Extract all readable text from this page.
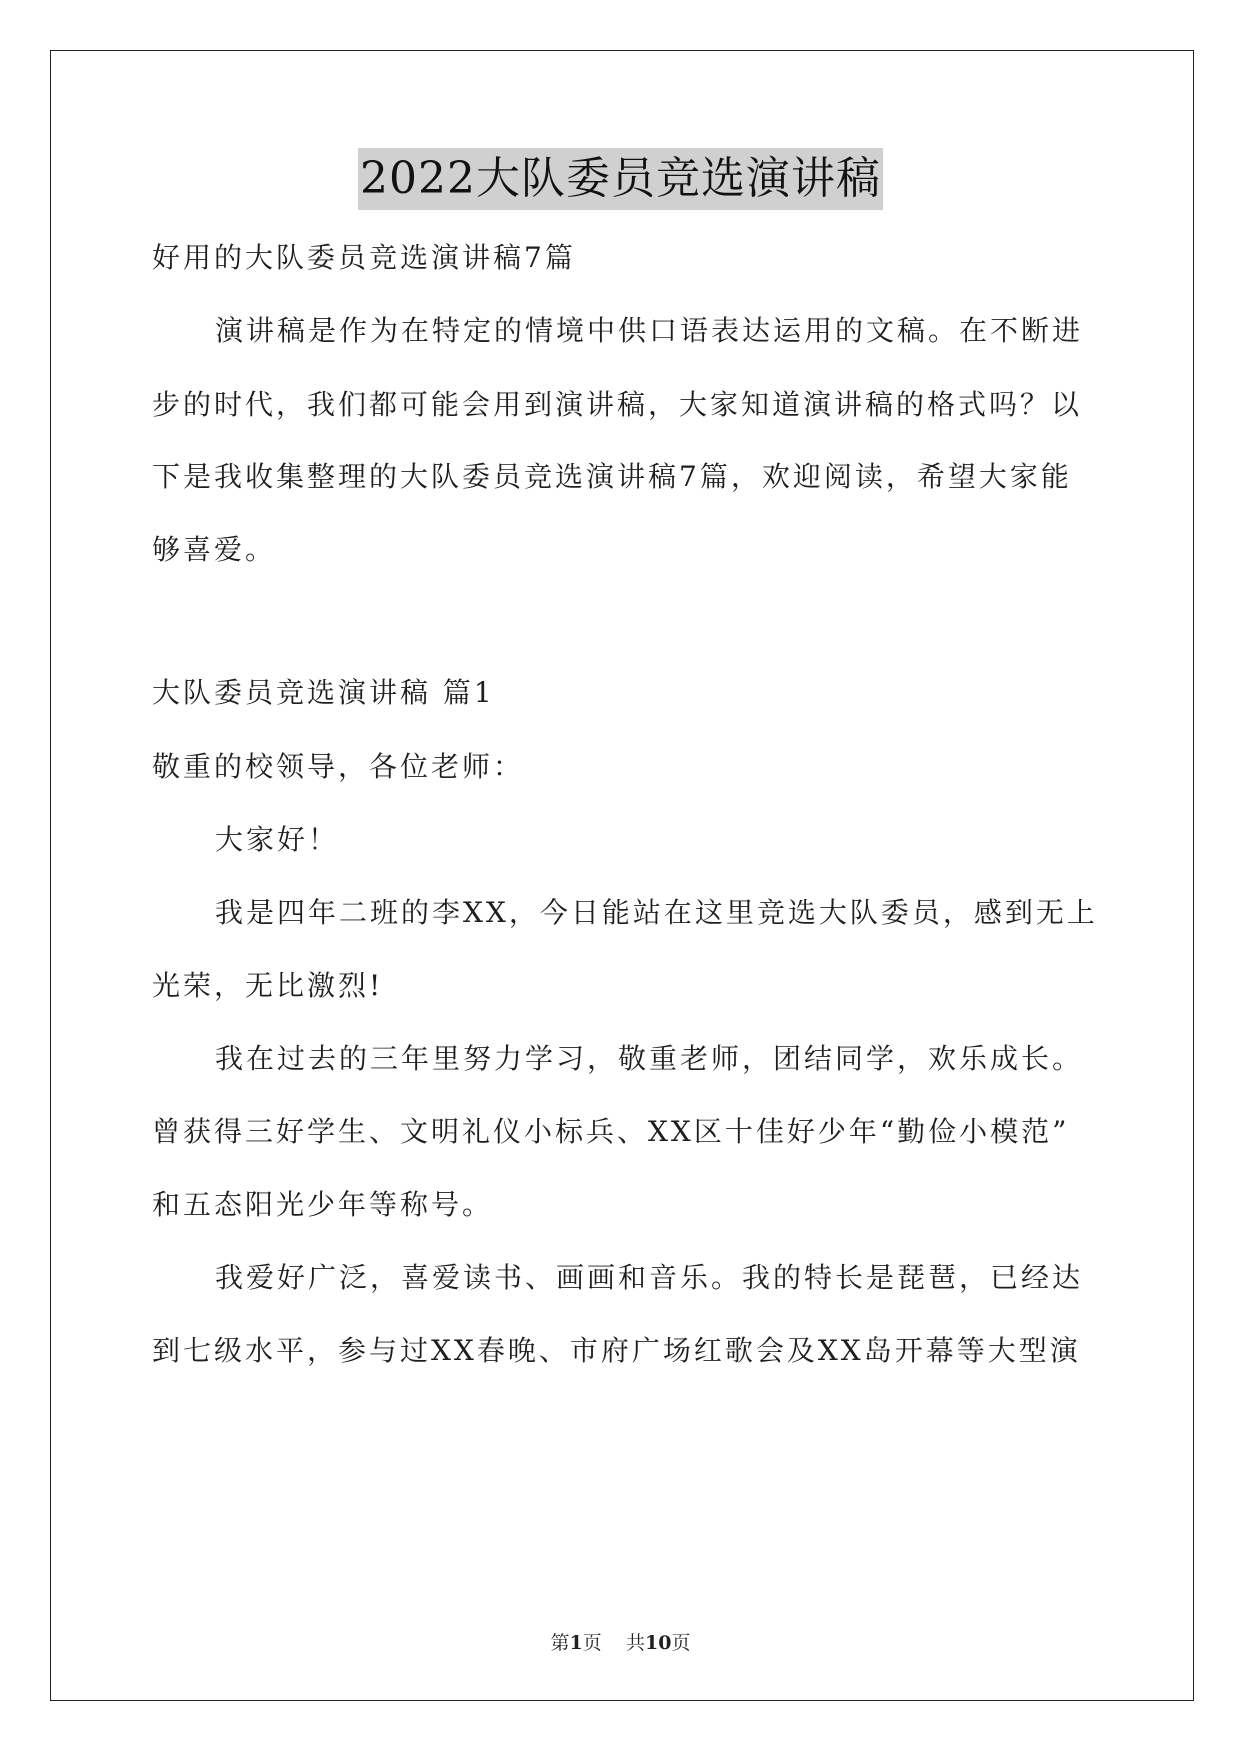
2022大队委员竞选演讲稿
好用的大队委员竞选演讲稿7篇
演讲稿是作为在特定的情境中供口语表达运用的文稿。在不断进
步的时代，我们都可能会用到演讲稿，大家知道演讲稿的格式吗？以
下是我收集整理的大队委员竞选演讲稿7篇，欢迎阅读，希望大家能
够喜爱。
大队委员竞选演讲稿 篇1
敬重的校领导，各位老师：
大家好！
我是四年二班的李XX，今日能站在这里竞选大队委员，感到无上
光荣，无比激烈!
我在过去的三年里努力学习，敬重老师，团结同学，欢乐成长。
曾获得三好学生、文明礼仪小标兵、XX区十佳好少年“勤俭小模范”
和五态阳光少年等称号。
我爱好广泛，喜爱读书、画画和音乐。我的特长是琵琶，已经达
到七级水平，参与过XX春晚、市府广场红歌会及XX岛开幕等大型演
第1页 共10页
